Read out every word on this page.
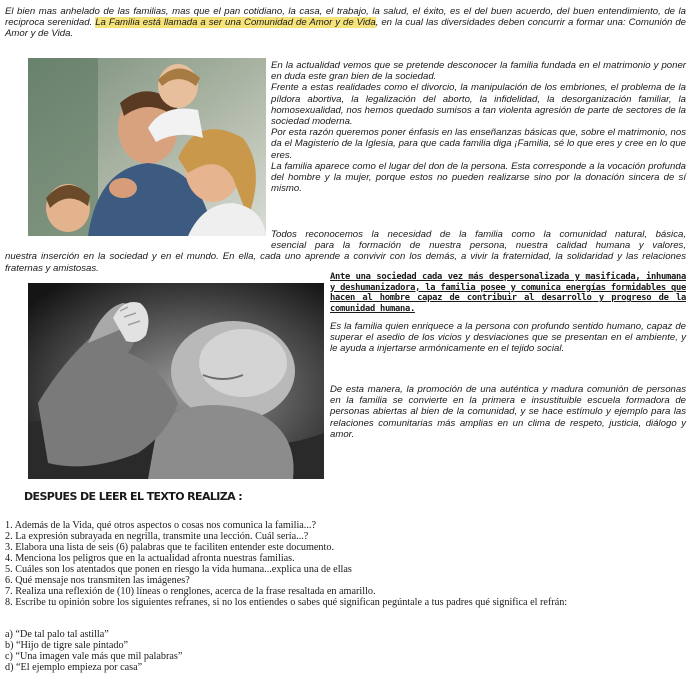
El bien mas anhelado de las familias, mas que el pan cotidiano, la casa, el trabajo, la salud, el éxito, es el del buen acuerdo, del buen entendimiento, de la reciproca serenidad. La Familia está llamada a ser una Comunidad de Amor y de Vida, en la cual las diversidades deben concurrir a formar una: Comunión de Amor y de Vida.

En la actualidad vemos que se pretende desconocer la familia fundada en el matrimonio y poner en duda este gran bien de la sociedad.

Frente a estas realidades como el divorcio, la manipulación de los embriones, el problema de la píldora abortiva, la legalización del aborto, la infidelidad, la desorganización familiar, la homosexualidad, nos hemos quedado sumisos a tan violenta agresión de parte de sectores de la sociedad moderna.

Por esta razón queremos poner énfasis en las enseñanzas básicas que, sobre el matrimonio, nos da el Magisterio de la Iglesia, para que cada familia diga ¡Familia, sé lo que eres y cree en lo que eres.

La familia aparece como el lugar del don de la persona. Esta corresponde a la vocación profunda del hombre y la mujer, porque estos no pueden realizarse sino por la donación sincera de sí mismo.

Todos reconocemos la necesidad de la familia como la comunidad natural, básica,
esencial para la formación de nuestra persona, nuestra calidad humana y valores,
nuestra inserción en la sociedad y en el mundo. En ella, cada uno aprende a convivir con los demás, a vivir la fraternidad, la solidaridad y las relaciones fraternas y amistosas.

Ante una sociedad cada vez más despersonalizada y masificada, inhumana y deshumanizadora, la familia posee y comunica energías formidables que hacen al hombre capaz de contribuir al desarrollo y progreso de la comunidad humana.

Es la familia quien enriquece a la persona con profundo sentido humano, capaz de superar el asedio de los vicios y desviaciones que se presentan en el ambiente, y le ayuda a injertarse armónicamente en el tejido social.

De esta manera, la promoción de una auténtica y madura comunión de personas en la familia se convierte en la primera e insustituible escuela formadora de personas abiertas al bien de la comunidad, y se hace estímulo y ejemplo para las relaciones comunitarias más amplias en un clima de respeto, justicia, diálogo y amor.

DESPUES DE LEER EL TEXTO REALIZA :

1. Además de la Vida, qué otros aspectos o cosas nos comunica la familia...?

2. La expresión subrayada en negrilla, transmite una lección. Cuál sería...?

3. Elabora una lista de seis (6) palabras que te faciliten entender este documento.

4. Menciona los peligros que en la actualidad afronta nuestras familias.

5. Cuáles son los atentados que ponen en riesgo la vida humana...explica una de ellas

6. Qué mensaje nos transmiten las imágenes?

7. Realiza una reflexión de (10) líneas o renglones, acerca de la frase resaltada en amarillo.

8. Escribe tu opinión sobre los siguientes refranes, si no los entiendes o sabes qué significan pegúntale a tus padres qué significa el refrán:

a) “De tal palo tal astilla”

b) “Hijo de tigre sale pintado”

c) “Una imagen vale más que mil palabras”

d) “El ejemplo empieza por casa”
